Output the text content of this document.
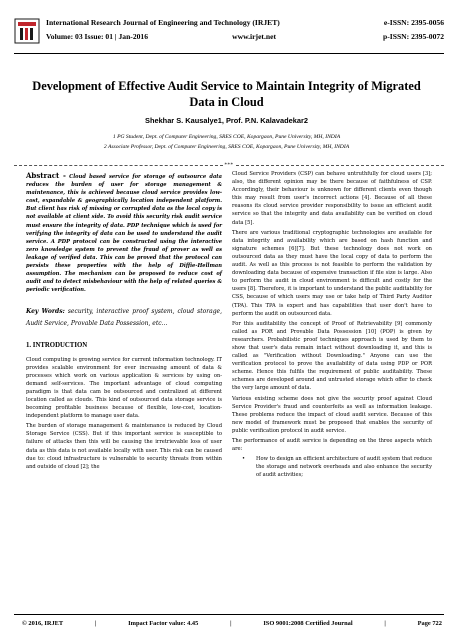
International Research Journal of Engineering and Technology (IRJET)
Volume: 03 Issue: 01 | Jan-2016	www.irjet.net
e-ISSN: 2395-0056
p-ISSN: 2395-0072
Development of Effective Audit Service to Maintain Integrity of Migrated Data in Cloud
Shekhar S. Kausalye1, Prof. P.N. Kalavadekar2
1 PG Student, Dept. of Computer Engineering, SRES COE, Kopargaon, Pune University, MH, INDIA
2 Associate Professor, Dept. of Computer Engineering, SRES COE, Kopargaon, Pune University, MH, INDIA
***
Abstract - Cloud based service for storage of outsource data reduces the burden of user for storage management & maintenance, this is achieved because cloud service provides low-cost, expandable & geographically location independent platform. But client has risk of missing or corrupted data as the local copy is not available at client side. To avoid this security risk audit service must ensure the integrity of data. PDP technique which is used for verifying the integrity of data can be used to understand the audit service. A PDP protocol can be constructed using the interactive zero knowledge system to prevent the fraud of prover as well as leakage of verified data. This can be proved that the protocol can persists these properties with the help of Diffie-Hellman assumption. The mechanism can be proposed to reduce cost of audit and to detect misbehaviour with the help of related queries & periodic verification.
Key Words: security, interactive proof system, cloud storage, Audit Service, Provable Data Possession, etc…
1. INTRODUCTION

Cloud computing is growing service for current information technology. IT provides scalable environment for ever increasing amount of data & processes which work on various application & services by using on-demand self-services. The important advantage of cloud computing paradigm is that data cam be outsourced and centralized at different location called as clouds. This kind of outsourced data storage service is becoming profitable business because of flexible, low-cost, location-independent platform to manage user data.

The burden of storage management & maintenance is reduced by Cloud Storage Service (CSS). But if this important service is susceptible to failure of attacks then this will be causing the irretrievable loss of user data as this data is not available locally with user. This risk can be caused due to: cloud infrastructure is vulnerable to security threats from within and outside of cloud [2]; the

Cloud Service Providers (CSP) can behave untruthfully for cloud users [3]; also, the different opinion may be there because of faithfulness of CSP. Accordingly, their behaviour is unknown for different clients even though this may result from user's incorrect actions [4]. Because of all these reasons its cloud service provider responsibility to issue an efficient audit service so that the integrity and data availability can be verified on cloud data [5].

There are various traditional cryptographic technologies are available for data integrity and availability which are based on hash function and signature schemes [6][7]. But these technology does not work on outsourced data as they must have the local copy of data to perform the audit. As well as this process is not feasible to perform the validation by downloading data because of expensive transaction if file size is large. Also to perform the audit in cloud environment is difficult and costly for the users [8]. Therefore, it is important to understand the public auditability for CSS, because of which users may use or take help of Third Party Auditor (TPA). This TPA is expert and has capabilities that user don't have to perform the audit on outsourced data.

For this auditability the concept of Proof of Retrievability [9] commonly called as POR and Provable Data Possession [10] (POP) is given by researchers. Probabilistic proof techniques approach is used by them to show that user's data remain intact without downloading it, and this is called as "Verification without Downloading." Anyone can use the verification protocol to prove the availability of data using PDP or POR scheme. Hence this fulfils the requirement of public auditability. These schemes are developed around and untrusted storage which offer to check the very large amount of data.

Various existing scheme does not give the security proof against Cloud Service Provider's fraud and counterfeits as well as information leakage. These problems reduce the impact of cloud audit service. Because of this new model of framework must be proposed that enables the security of public verification protocol in audit service.

The performance of audit service is depending on the three aspects which are:

•	How to design an efficient architecture of audit system that reduce the storage and network overheads and also enhance the security of audit activities;
© 2016, IRJET	|	Impact Factor value: 4.45	|	ISO 9001:2008 Certified Journal	|	Page 722
